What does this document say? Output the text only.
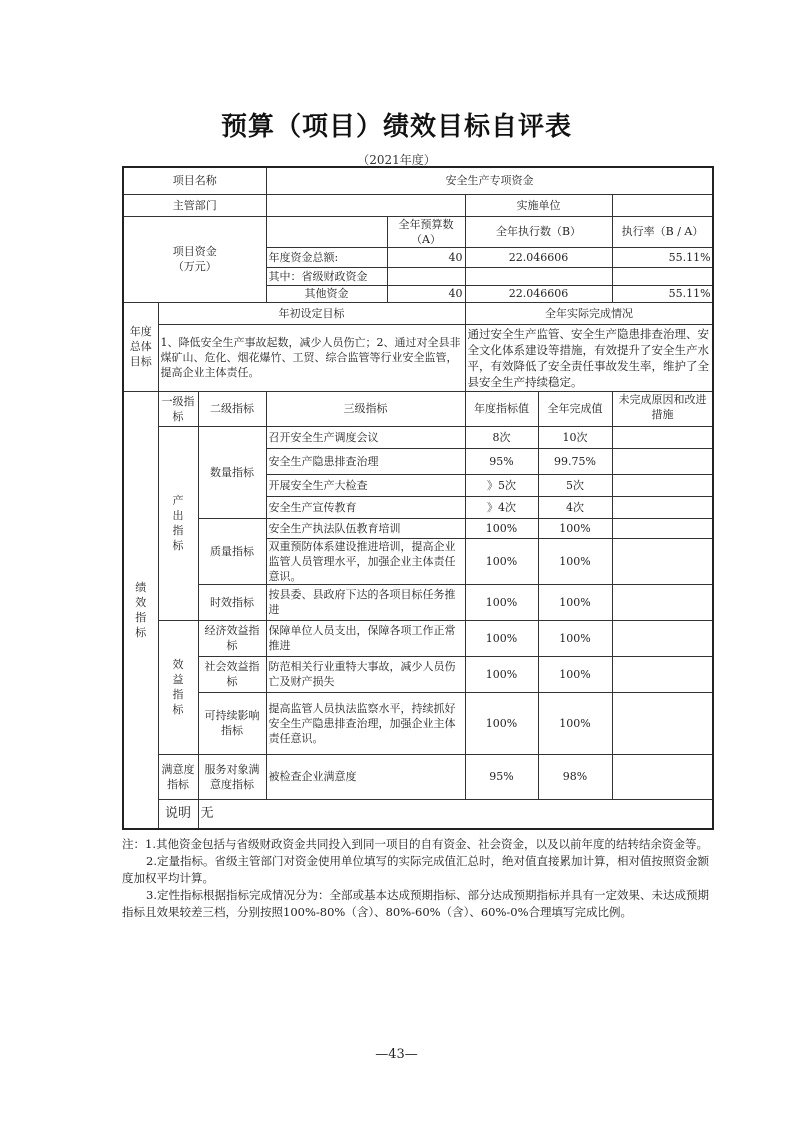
预算（项目）绩效目标自评表
（2021年度）
项目名称			安全生产专项资金				
主管部门					实施单位		

项目资金
（万元）				全年预算数（A）	全年执行数（B）		执行率（B / A）
			年度资金总额:	40	22.046606		55.11%
			其中：省级财政资金				
			其他资金	40	22.046606		55.11%
年度总体目标	年初设定目标				全年实际完成情况		
	1、降低安全生产事故起数，减少人员伤亡；2、通过对全县非煤矿山、危化、烟花爆竹、工贸、综合监管等行业安全监管，提高企业主体责任。				通过安全生产监管、安全生产隐患排查治理、安全文化体系建设等措施，有效提升了安全生产水平，有效降低了安全责任事故发生率，维护了全县安全生产持续稳定。		
绩效指标	一级指标	二级指标	三级指标		年度指标值	全年完成值	未完成原因和改进措施
	产出指标	数量指标	召开安全生产调度会议		8次	10次	
			安全生产隐患排查治理		95%	99.75%	
			开展安全生产大检查		》5次	5次	
			安全生产宣传教育		》4次	4次	
		质量指标	安全生产执法队伍教育培训		100%	100%	
			双重预防体系建设推进培训，提高企业监管人员管理水平，加强企业主体责任意识。		100%	100%	
		时效指标	按县委、县政府下达的各项目标任务推进		100%	100%	
	效益指标	经济效益指标	保障单位人员支出，保障各项工作正常推进		100%	100%	
		社会效益指标	防范相关行业重特大事故，减少人员伤亡及财产损失		100%	100%	
		可持续影响指标	提高监管人员执法监察水平，持续抓好安全生产隐患排查治理，加强企业主体责任意识。		100%	100%	
	满意度指标	服务对象满意度指标	被检查企业满意度		95%	98%	

	说明	无					

注：1.其他资金包括与省级财政资金共同投入到同一项目的自有资金、社会资金，以及以前年度的结转结余资金等。

2.定量指标。省级主管部门对资金使用单位填写的实际完成值汇总时，绝对值直接累加计算，相对值按照资金额度加权平均计算。

3.定性指标根据指标完成情况分为：全部或基本达成预期指标、部分达成预期指标并具有一定效果、未达成预期指标且效果较差三档，分别按照100%-80%（含）、80%-60%（含）、60%-0%合理填写完成比例。

—43—
